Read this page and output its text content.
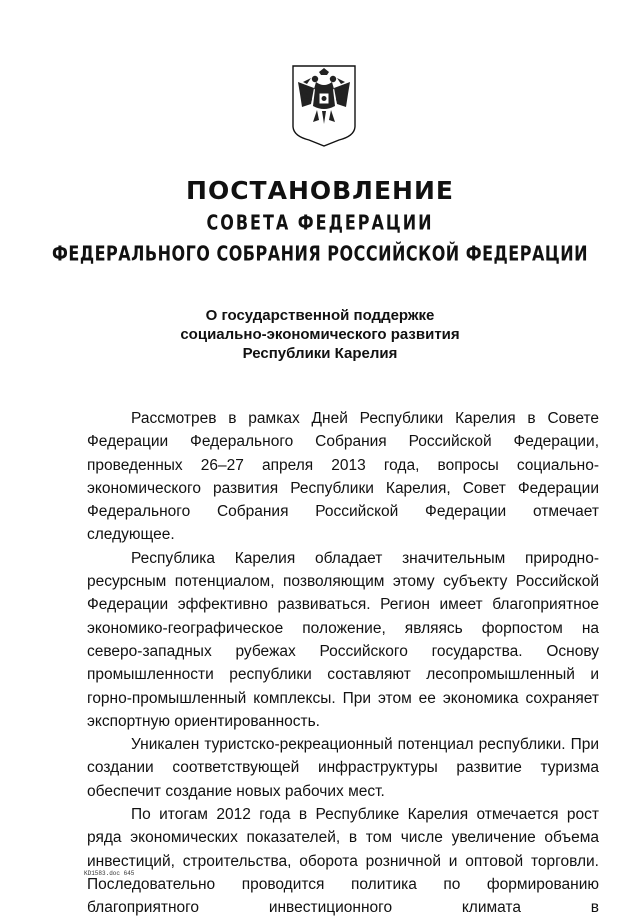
ПОСТАНОВЛЕНИЕ
СОВЕТА ФЕДЕРАЦИИ
ФЕДЕРАЛЬНОГО СОБРАНИЯ РОССИЙСКОЙ ФЕДЕРАЦИИ
О государственной поддержке
социально-экономического развития
Республики Карелия

Рассмотрев в рамках Дней Республики Карелия в Совете Федерации Федерального Собрания Российской Федерации, проведенных 26–27 апреля 2013 года, вопросы социально-экономического развития Республики Карелия, Совет Федерации Федерального Собрания Российской Федерации отмечает следующее.

Республика Карелия обладает значительным природно-ресурсным потенциалом, позволяющим этому субъекту Российской Федерации эффективно развиваться. Регион имеет благоприятное экономико-географическое положение, являясь форпостом на северо-западных рубежах Российского государства. Основу промышленности республики составляют лесопромышленный и горно-промышленный комплексы. При этом ее экономика сохраняет экспортную ориентированность.

Уникален туристско-рекреационный потенциал республики. При создании соответствующей инфраструктуры развитие туризма обеспечит создание новых рабочих мест.

По итогам 2012 года в Республике Карелия отмечается рост ряда экономических показателей, в том числе увеличение объема инвестиций, строительства, оборота розничной и оптовой торговли. Последовательно проводится политика по формированию благоприятного инвестиционного климата в

KD1583.doc 645
